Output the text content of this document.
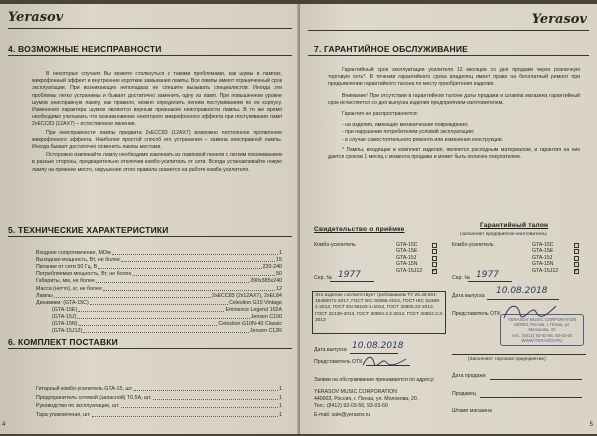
Yerasov
4. ВОЗМОЖНЫЕ НЕИСПРАВНОСТИ

В некоторых случаях Вы можете столкнуться с такими проблемами, как шумы в лампах, микрофонный эффект и внутренние короткие замыкания лампы. Все лампы имеют ограниченный срок эксплуатации. При возникающих неполадках не спешите вызывать специалистов. Иногда эти проблемы легко устранимы и бывает достаточно заменить одну из ламп. При повышенном уровне шумов неисправную лампу, как правило, можно определить легким постукиванием по ее корпусу. Изменения характера шумов являются верным признаком неисправности лампы. В то же время необходимо учитывать что возникновение некоторого микрофонного эффекта при постукивании ламп 2xECC83 (12AX7) – естественное явление.

При неисправности лампы предвита 2xECC83 (12AX7) возможно постоянное проявление микрофонного эффекта. Наиболее простой способ его устранения – замена неисправной лампы. Иногда бывает достаточно поменять лампы местами.

Осторожно извлекайте лампу необходимо извлекать из ламповой панели с легким покачиванием в разные стороны, предварительно отключив комбо-усилитель от сети. Всегда устанавливайте новую лампу на прежнее место, нарушение этого правила скажется на работе комбо-усилителя.

5. ТЕХНИЧЕСКИЕ ХАРАКТЕРИСТИКИ
Входное сопротивление, МОм	1
Выходная мощность, Вт, не более	15
Питание от сети 50 Гц, В	220-240
Потребляемая мощность, Вт, не более	50
Габариты, мм, не более	390x385x240
Масса (нетто), кг, не более	12
Лампы	2xECC83 (2x12AX7), 2xEL84
Динамики: (GTA-15C)	Celestion G10 Vintage
(GTA-15E)	Eminence Legend 102A
(GTA-15J)	Jensen C100
(GTA-15N)	Celestion G10N-40 Classic
(GTA-15J12)	Jensen C12R
6. КОМПЛЕКТ ПОСТАВКИ
Гитарный комбо-усилитель GTA-15, шт.	1
Предохранитель сетевой (запасной) T0,5A, шт.	1
Руководство по эксплуатации, шт.	1
Тара упаковочная, шт.	1
4
Yerasov
7. ГАРАНТИЙНОЕ ОБСЛУЖИВАНИЕ

Гарантийный срок эксплуатации усилителя 12 месяцев со дня продажи через розничную торговую сеть*. В течении гарантийного срока владелец имеет право на бесплатный ремонт при предъявлении гарантийного талона по месту приобретения изделия.

Внимание! При отсутствии в гарантийном талоне даты продажи и штампа магазина гарантийный срок исчисляется со дня выпуска изделия предприятием-изготовителем.

Гарантия не распространяется:

- на изделия, имеющие механические повреждения;
- при нарушении потребителем условий эксплуатации;
- в случае самостоятельного ремонта или изменения конструкции.

* Лампы, входящие в комплект изделия, являются расходным материалом, и гарантия на них дается сроком 1 месяц с момента продажи и может быть оплачен покупателем.

Свидетельство о приёмке
Комбо-усилитель	GTA-15C
GTA-15E
GTA-15J
GTA-15N
GTA-15J12
✓
Сер. № 1977
Это изделие соответствует требованиям ТУ 26.49.601-15460071-2017, ГОСТ IEC 60065-2013, ГОСТ IEC 62368-1-2014, ГОСТ EN 55103-1-2013, ГОСТ 30805.22-2013, ГОСТ 32139-2013, ГОСТ 30804.3.2-2013, ГОСТ 30804.3.3-2013
Дата выпуска 10.08.2018
Представитель ОТК
Заявки на обслуживание принимаются по адресу:
YERASOV MUSIC CORPORATION
440003, Россия, г. Пенза, ул. Молокова, 20.
Тел.: (8412) 93-03-56, 93-03-60
E-mail: sale@yerasov.ru
Гарантийный талон
(заполняет предприятие-изготовитель)
Комбо-усилитель	GTA-15C
GTA-15E
GTA-15J
GTA-15N
GTA-15J12
✓
Сер. № 1977
Дата выпуска 10.08.2018
Представитель ОТК
YERASOV MUSIC CORPORATION
440003, Россия, г. Пенза, ул. Молокова, 20
тел.: (8412) 93-03-56, 93-03-60
WWW.YERASOV.RU
(Заполняет торговое предприятие)
Дата продажи
Продавец
Штамп магазина
5
